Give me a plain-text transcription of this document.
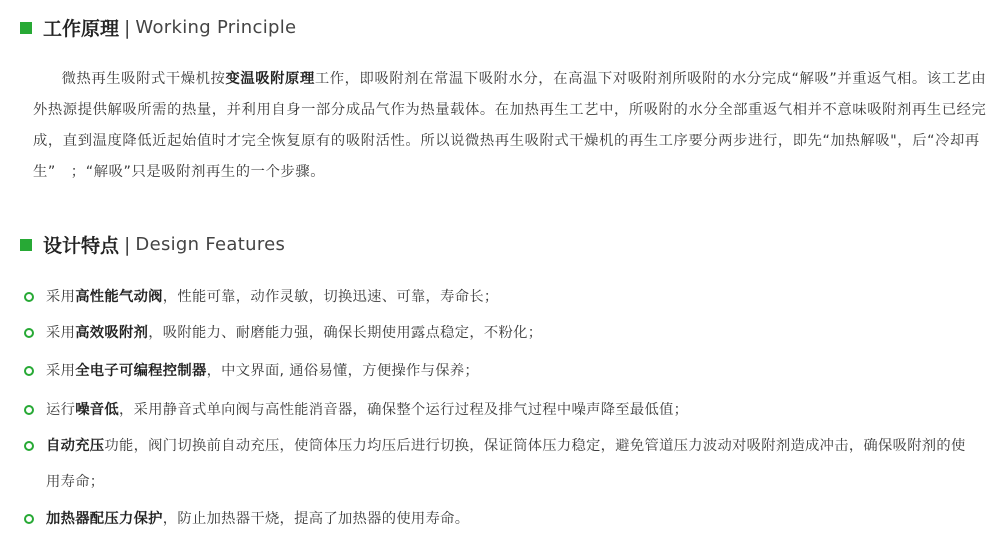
工作原理 | Working Principle

微热再生吸附式干燥机按变温吸附原理工作，即吸附剂在常温下吸附水分，在高温下对吸附剂所吸附的水分完成“解吸”并重返气相。该工艺由外热源提供解吸所需的热量，并利用自身一部分成品气作为热量载体。在加热再生工艺中，所吸附的水分全部重返气相并不意味吸附剂再生已经完成，直到温度降低近起始值时才完全恢复原有的吸附活性。所以说微热再生吸附式干燥机的再生工序要分两步进行，即先“加热解吸"，后“冷却再生”　；“解吸”只是吸附剂再生的一个步骤。

设计特点 | Design Features
采用高性能气动阀，性能可靠，动作灵敏，切换迅速、可靠，寿命长；
采用高效吸附剂，吸附能力、耐磨能力强，确保长期使用露点稳定，不粉化；
采用全电子可编程控制器，中文界面, 通俗易懂，方便操作与保养；
运行噪音低，采用静音式单向阀与高性能消音器，确保整个运行过程及排气过程中噪声降至最低值；
自动充压功能，阀门切换前自动充压，使筒体压力均压后进行切换，保证筒体压力稳定，避免管道压力波动对吸附剂造成冲击，确保吸附剂的使用寿命；
加热器配压力保护，防止加热器干烧，提高了加热器的使用寿命。
